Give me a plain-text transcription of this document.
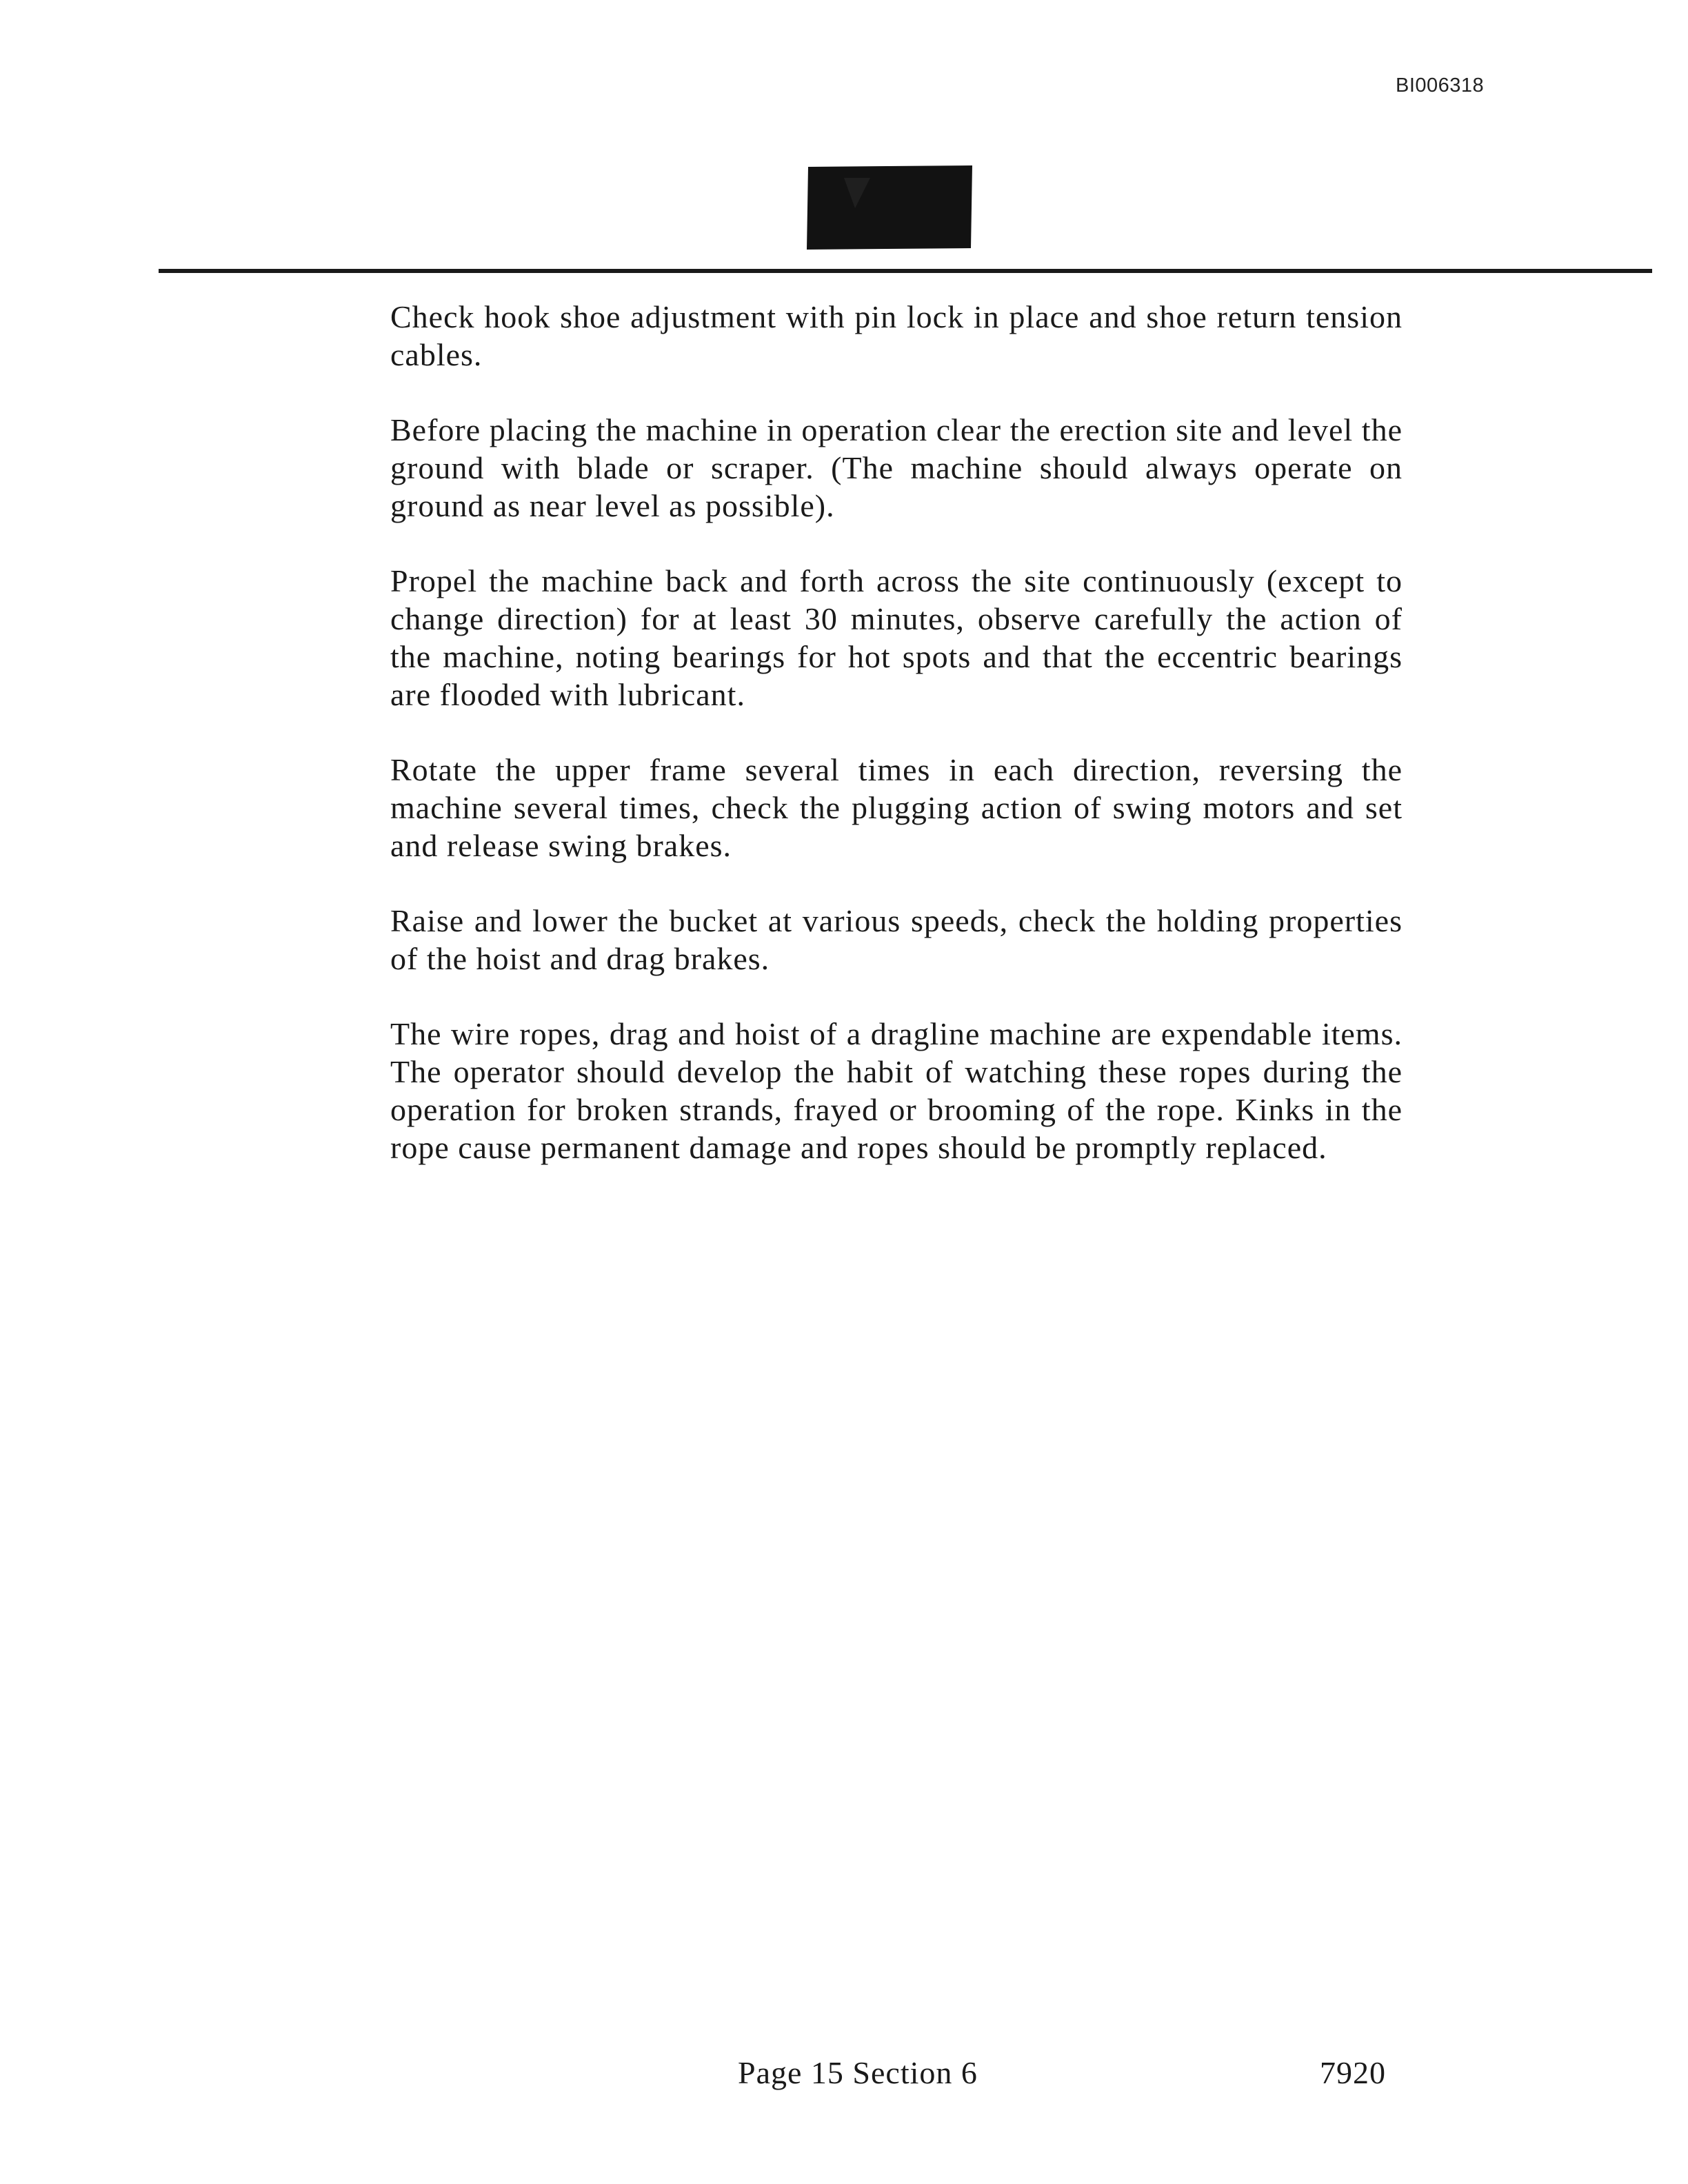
BI006318

Check hook shoe adjustment with pin lock in place and shoe return tension cables.

Before placing the machine in operation clear the erection site and level the ground with blade or scraper. (The machine should always operate on ground as near level as possible).

Propel the machine back and forth across the site continuously (except to change direction) for at least 30 minutes, observe carefully the action of the machine, noting bearings for hot spots and that the eccentric bearings are flooded with lubricant.

Rotate the upper frame several times in each direction, reversing the machine several times, check the plugging action of swing motors and set and release swing brakes.

Raise and lower the bucket at various speeds, check the holding properties of the hoist and drag brakes.

The wire ropes, drag and hoist of a dragline machine are expendable items. The operator should develop the habit of watching these ropes during the operation for broken strands, frayed or brooming of the rope. Kinks in the rope cause permanent damage and ropes should be promptly replaced.

Page 15 Section 6	7920
